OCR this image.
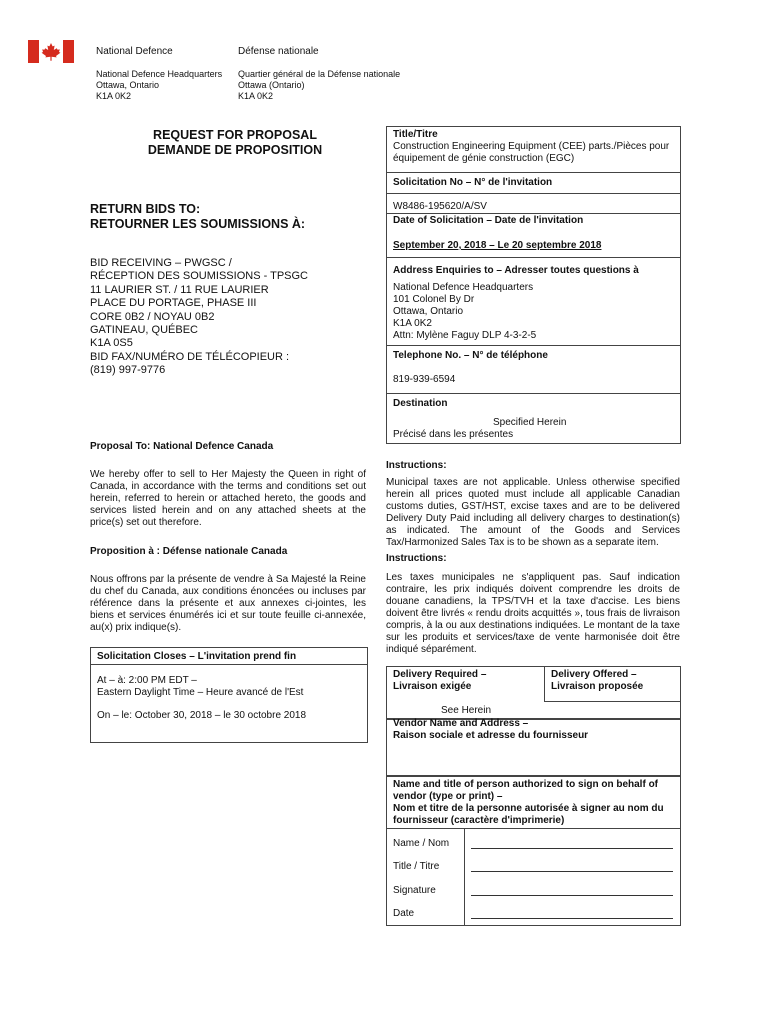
National Defence	Défense nationale
National Defence Headquarters
Ottawa, Ontario
K1A 0K2
Quartier général de la Défense nationale
Ottawa (Ontario)
K1A 0K2
REQUEST FOR PROPOSAL
DEMANDE DE PROPOSITION
RETURN BIDS TO:
RETOURNER LES SOUMISSIONS À:
BID RECEIVING – PWGSC /
RÉCEPTION DES SOUMISSIONS - TPSGC
11 LAURIER ST. / 11 RUE LAURIER
PLACE DU PORTAGE, PHASE III
CORE 0B2 / NOYAU 0B2
GATINEAU, QUÉBEC
K1A 0S5
BID FAX/NUMÉRO DE TÉLÉCOPIEUR :
(819) 997-9776
Proposal To: National Defence Canada
We hereby offer to sell to Her Majesty the Queen in right of Canada, in accordance with the terms and conditions set out herein, referred to herein or attached hereto, the goods and services listed herein and on any attached sheets at the price(s) set out therefore.
Proposition à : Défense nationale Canada
Nous offrons par la présente de vendre à Sa Majesté la Reine du chef du Canada, aux conditions énoncées ou incluses par référence dans la présente et aux annexes ci-jointes, les biens et services énumérés ici et sur toute feuille ci-annexée, au(x) prix indique(s).
Solicitation Closes – L'invitation prend fin
At – à: 2:00 PM EDT –
Eastern Daylight Time – Heure avancé de l'Est
On – le: October 30, 2018 – le 30 octobre 2018
Title/Titre
Construction Engineering Equipment (CEE) parts./Pièces pour équipement de génie construction (EGC)
Solicitation No – N° de l'invitation
W8486-195620/A/SV
Date of Solicitation – Date de l'invitation
September 20, 2018 – Le 20 septembre 2018
Address Enquiries to – Adresser toutes questions à
National Defence Headquarters
101 Colonel By Dr
Ottawa, Ontario
K1A 0K2
Attn: Mylène Faguy DLP 4-3-2-5
Telephone No. – N° de téléphone
819-939-6594
Destination
Specified Herein
Précisé dans les présentes
Instructions:
Municipal taxes are not applicable. Unless otherwise specified herein all prices quoted must include all applicable Canadian customs duties, GST/HST, excise taxes and are to be delivered Delivery Duty Paid including all delivery charges to destination(s) as indicated. The amount of the Goods and Services Tax/Harmonized Sales Tax is to be shown as a separate item.
Instructions:
Les taxes municipales ne s'appliquent pas. Sauf indication contraire, les prix indiqués doivent comprendre les droits de douane canadiens, la TPS/TVH et la taxe d'accise. Les biens doivent être livrés « rendu droits acquittés », tous frais de livraison compris, à la ou aux destinations indiquées. Le montant de la taxe sur les produits et services/taxe de vente harmonisée doit être indiqué séparément.
Delivery Required –
Livraison exigée
Delivery Offered –
Livraison proposée
See Herein
Vendor Name and Address –
Raison sociale et adresse du fournisseur
Name and title of person authorized to sign on behalf of vendor (type or print) –
Nom et titre de la personne autorisée à signer au nom du fournisseur (caractère d'imprimerie)
Name / Nom
Title / Titre
Signature
Date
